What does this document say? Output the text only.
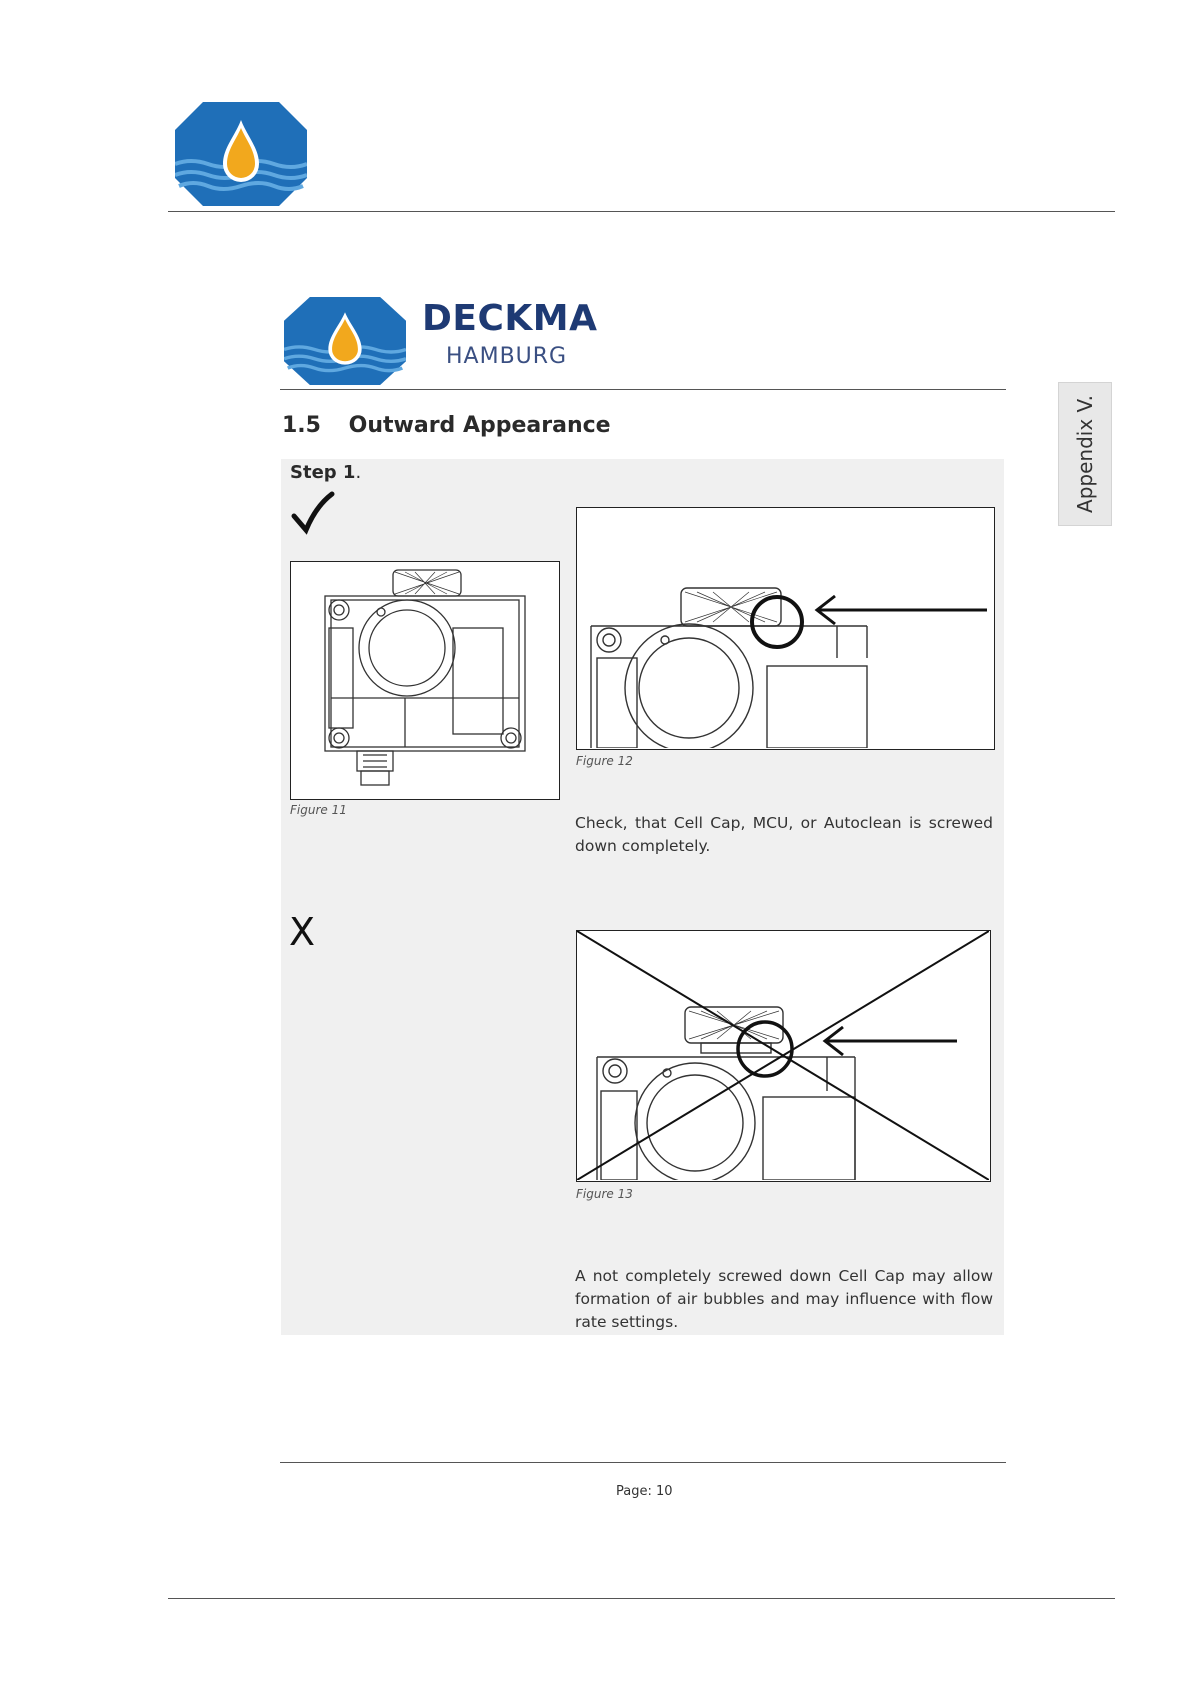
DECKMA
HAMBURG
1.5 Outward Appearance	Appendix V.
Step 1.
Figure 11
Figure 12
Check, that Cell Cap, MCU, or Autoclean is screwed down completely.
X
Figure 13
A not completely screwed down Cell Cap may allow formation of air bubbles and may influence with flow rate settings.
Page: 10
